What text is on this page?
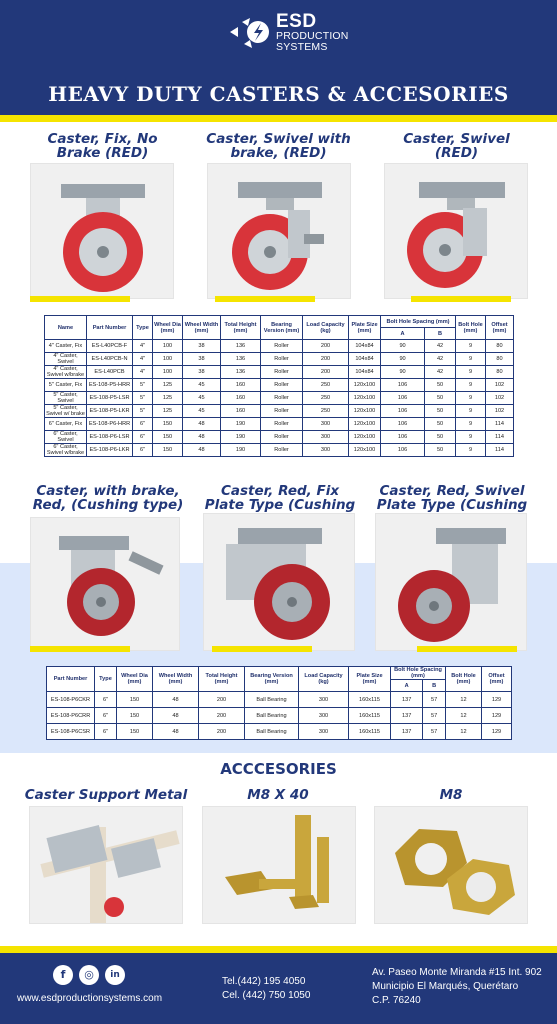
ESD
PRODUCTION
SYSTEMS
HEAVY DUTY CASTERS & ACCESORIES
Caster, Fix, No Brake (RED)
Caster, Swivel with brake, (RED)
Caster, Swivel (RED)
Name	Part Number	Type	Wheel Dia (mm)	Wheel Width (mm)	Total Height (mm)	Bearing Version (mm)	Load Capacity (kg)	Plate Size (mm)	Bolt Hole Spacing (mm)		Bolt Hole (mm)	Offset (mm)
									A	B		
4" Caster, Fix	ES-L40PCB-F	4"	100	38	136	Roller	200	104x84	90	42	9	80
4" Caster, Swivel	ES-L40PCB-N	4"	100	38	136	Roller	200	104x84	90	42	9	80
4" Caster, Swivel w/brake	ES-L40PCB	4"	100	38	136	Roller	200	104x84	90	42	9	80
5" Caster, Fix	ES-108-P5-HRR	5"	125	45	160	Roller	250	120x100	106	50	9	102
5" Caster, Swivel	ES-108-P5-LSR	5"	125	45	160	Roller	250	120x100	106	50	9	102
5" Caster, Swivel w/ brake	ES-108-P5-LKR	5"	125	45	160	Roller	250	120x100	106	50	9	102
6" Caster, Fix	ES-108-P6-HRR	6"	150	48	190	Roller	300	120x100	106	50	9	114
6" Caster, Swivel	ES-108-P6-LSR	6"	150	48	190	Roller	300	120x100	106	50	9	114
6" Caster, Swivel w/brake	ES-108-P6-LKR	6"	150	48	190	Roller	300	120x100	106	50	9	114
Caster, with brake, Red, (Cushing type)
Caster, Red, Fix Plate Type (Cushing
Caster, Red, Swivel Plate Type (Cushing
Part Number	Type	Wheel Dia (mm)	Wheel Width (mm)	Total Height (mm)	Bearing Version (mm)	Load Capacity (kg)	Plate Size (mm)	Bolt Hole Spacing (mm)		Bolt Hole (mm)	Offset (mm)
								A	B		
ES-108-P6CKR	6"	150	48	200	Ball Bearing	300	160x115	137	57	12	129
ES-108-P6CRR	6"	150	48	200	Ball Bearing	300	160x115	137	57	12	129
ES-108-P6CSR	6"	150	48	200	Ball Bearing	300	160x115	137	57	12	129
ACCCESORIES
Caster Support Metal	M8 X 40	M8
f	◎	in
www.esdproductionsystems.com
Tel.(442) 195 4050
Cel. (442) 750 1050
Av. Paseo Monte Miranda #15 Int. 902
Municipio El Marqués, Querétaro
C.P. 76240
